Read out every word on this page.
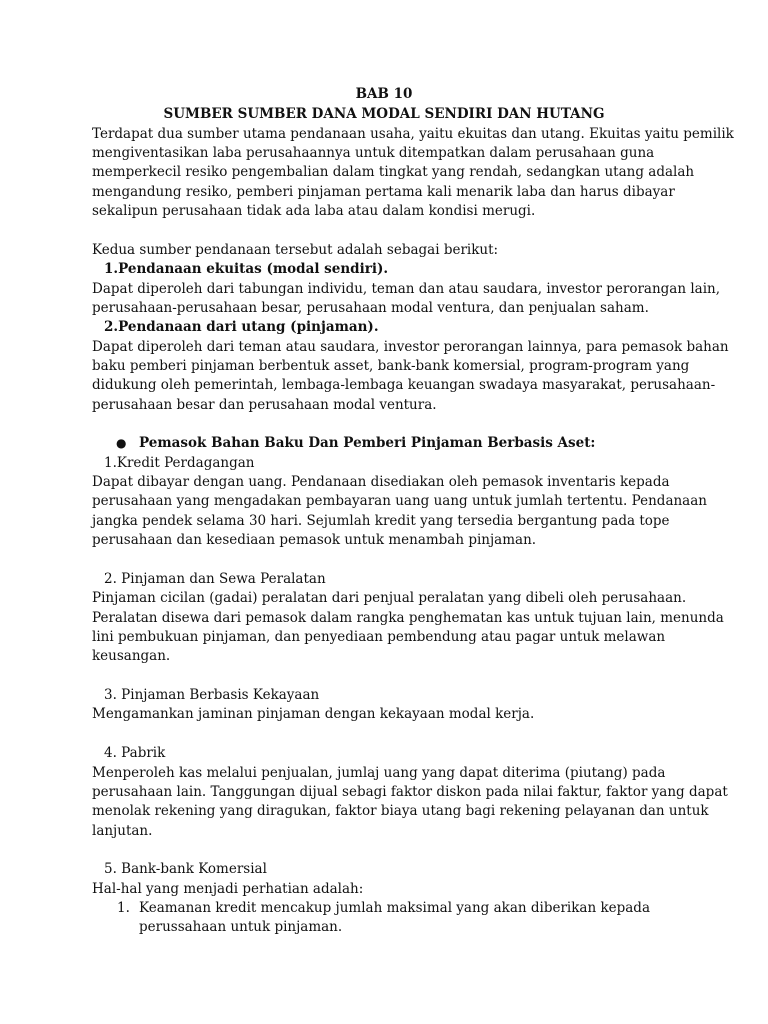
BAB 10
SUMBER SUMBER DANA MODAL SENDIRI DAN HUTANG
Terdapat dua sumber utama pendanaan usaha, yaitu ekuitas dan utang. Ekuitas yaitu pemilik
mengiventasikan laba perusahaannya untuk ditempatkan dalam perusahaan guna
memperkecil resiko pengembalian dalam tingkat yang rendah, sedangkan utang adalah
mengandung resiko, pemberi pinjaman pertama kali menarik laba dan harus dibayar
sekalipun perusahaan tidak ada laba atau dalam kondisi merugi.
Kedua sumber pendanaan tersebut adalah sebagai berikut:
1.Pendanaan ekuitas (modal sendiri).
Dapat diperoleh dari tabungan individu, teman dan atau saudara, investor perorangan lain,
perusahaan-perusahaan besar, perusahaan modal ventura, dan penjualan saham.
2.Pendanaan dari utang (pinjaman).
Dapat diperoleh dari teman atau saudara, investor perorangan lainnya, para pemasok bahan
baku pemberi pinjaman berbentuk asset, bank-bank komersial, program-program yang
didukung oleh pemerintah, lembaga-lembaga keuangan swadaya masyarakat, perusahaan-
perusahaan besar dan perusahaan modal ventura.
● Pemasok Bahan Baku Dan Pemberi Pinjaman Berbasis Aset:
1.Kredit Perdagangan
Dapat dibayar dengan uang. Pendanaan disediakan oleh pemasok inventaris kepada
perusahaan yang mengadakan pembayaran uang uang untuk jumlah tertentu. Pendanaan
jangka pendek selama 30 hari. Sejumlah kredit yang tersedia bergantung pada tope
perusahaan dan kesediaan pemasok untuk menambah pinjaman.
2. Pinjaman dan Sewa Peralatan
Pinjaman cicilan (gadai) peralatan dari penjual peralatan yang dibeli oleh perusahaan.
Peralatan disewa dari pemasok dalam rangka penghematan kas untuk tujuan lain, menunda
lini pembukuan pinjaman, dan penyediaan pembendung atau pagar untuk melawan
keusangan.
3. Pinjaman Berbasis Kekayaan
Mengamankan jaminan pinjaman dengan kekayaan modal kerja.
4. Pabrik
Menperoleh kas melalui penjualan, jumlaj uang yang dapat diterima (piutang) pada
perusahaan lain. Tanggungan dijual sebagi faktor diskon pada nilai faktur, faktor yang dapat
menolak rekening yang diragukan, faktor biaya utang bagi rekening pelayanan dan untuk
lanjutan.
5. Bank-bank Komersial
Hal-hal yang menjadi perhatian adalah:
1. Keamanan kredit mencakup jumlah maksimal yang akan diberikan kepada
perussahaan untuk pinjaman.
